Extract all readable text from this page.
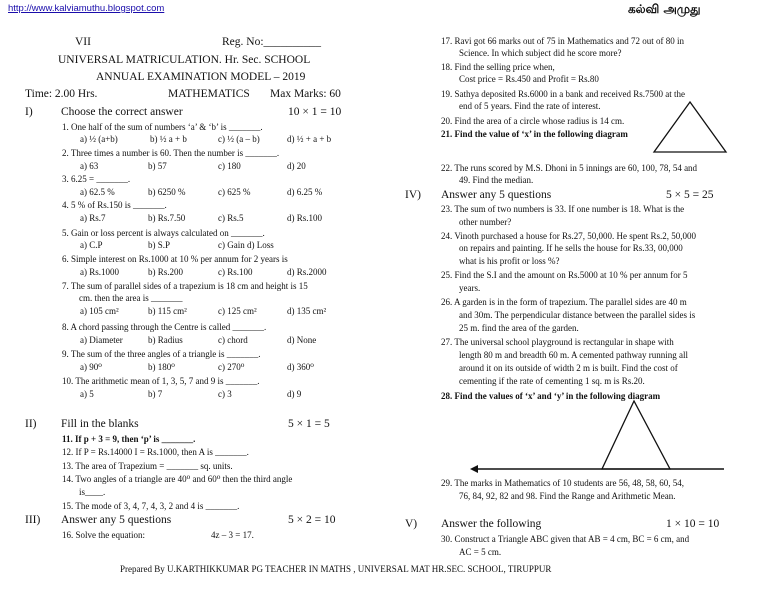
http://www.kalviamuthu.blogspot.com	கல்வி அமுது
VII	Reg. No:__________
UNIVERSAL MATRICULATION. Hr. Sec. SCHOOL
ANNUAL EXAMINATION MODEL – 2019
Time: 2.00 Hrs.	MATHEMATICS Max Marks: 60
I) Choose the correct answer	10 × 1 = 10
1. One half of the sum of numbers ‘a’ & ‘b’ is _______.
a) ½ (a+b)	b) ½ a + b	c) ½ (a – b)	d) ½ + a + b
2. Three times a number is 60. Then the number is _______.
a) 63	b) 57	c) 180	d) 20
3. 6.25 = _______.
a) 62.5 %	b) 6250 %	c) 625 %	d) 6.25 %
4. 5 % of Rs.150 is _______.
a) Rs.7	b) Rs.7.50	c) Rs.5	d) Rs.100
5. Gain or loss percent is always calculated on _______.
a) C.P	b) S.P	c) Gain d) Loss
6. Simple interest on Rs.1000 at 10 % per annum for 2 years is
a) Rs.1000	b) Rs.200	c) Rs.100	d) Rs.2000
7. The sum of parallel sides of a trapezium is 18 cm and height is 15
cm. then the area is _______
a) 105 cm²	b) 115 cm²	c) 125 cm²	d) 135 cm²
8. A chord passing through the Centre is called _______.
a) Diameter	b) Radius	c) chord	d) None
9. The sum of the three angles of a triangle is _______.
a) 90⁰	b) 180⁰	c) 270⁰	d) 360⁰
10. The arithmetic mean of 1, 3, 5, 7 and 9 is _______.
a) 5	b) 7	c) 3	d) 9
II) Fill in the blanks	5 × 1 = 5
11. If p + 3 = 9, then ‘p’ is _______.
12. If P = Rs.14000 I = Rs.1000, then A is _______.
13. The area of Trapezium = _______ sq. units.
14. Two angles of a triangle are 40⁰ and 60⁰ then the third angle
is____.
15. The mode of 3, 4, 7, 4, 3, 2 and 4 is _______.
III) Answer any 5 questions	5 × 2 = 10
16. Solve the equation:	4z – 3 = 17.
17. Ravi got 66 marks out of 75 in Mathematics and 72 out of 80 in
Science. In which subject did he score more?
18. Find the selling price when,
Cost price = Rs.450 and Profit = Rs.80
19. Sathya deposited Rs.6000 in a bank and received Rs.7500 at the
end of 5 years. Find the rate of interest.
20. Find the area of a circle whose radius is 14 cm.
21. Find the value of ‘x’ in the following diagram
22. The runs scored by M.S. Dhoni in 5 innings are 60, 100, 78, 54 and
49. Find the median.
IV) Answer any 5 questions	5 × 5 = 25
23. The sum of two numbers is 33. If one number is 18. What is the
other number?
24. Vinoth purchased a house for Rs.27, 50,000. He spent Rs.2, 50,000
on repairs and painting. If he sells the house for Rs.33, 00,000
what is his profit or loss %?
25. Find the S.I and the amount on Rs.5000 at 10 % per annum for 5
years.
26. A garden is in the form of trapezium. The parallel sides are 40 m
and 30m. The perpendicular distance between the parallel sides is
25 m. find the area of the garden.
27. The universal school playground is rectangular in shape with
length 80 m and breadth 60 m. A cemented pathway running all
around it on its outside of width 2 m is built. Find the cost of
cementing if the rate of cementing 1 sq. m is Rs.20.
28. Find the values of ‘x’ and ‘y’ in the following diagram
29. The marks in Mathematics of 10 students are 56, 48, 58, 60, 54,
76, 84, 92, 82 and 98. Find the Range and Arithmetic Mean.
V) Answer the following	1 × 10 = 10
30. Construct a Triangle ABC given that AB = 4 cm, BC = 6 cm, and
AC = 5 cm.
Prepared By U.KARTHIKKUMAR PG TEACHER IN MATHS , UNIVERSAL MAT HR.SEC. SCHOOL, TIRUPPUR
